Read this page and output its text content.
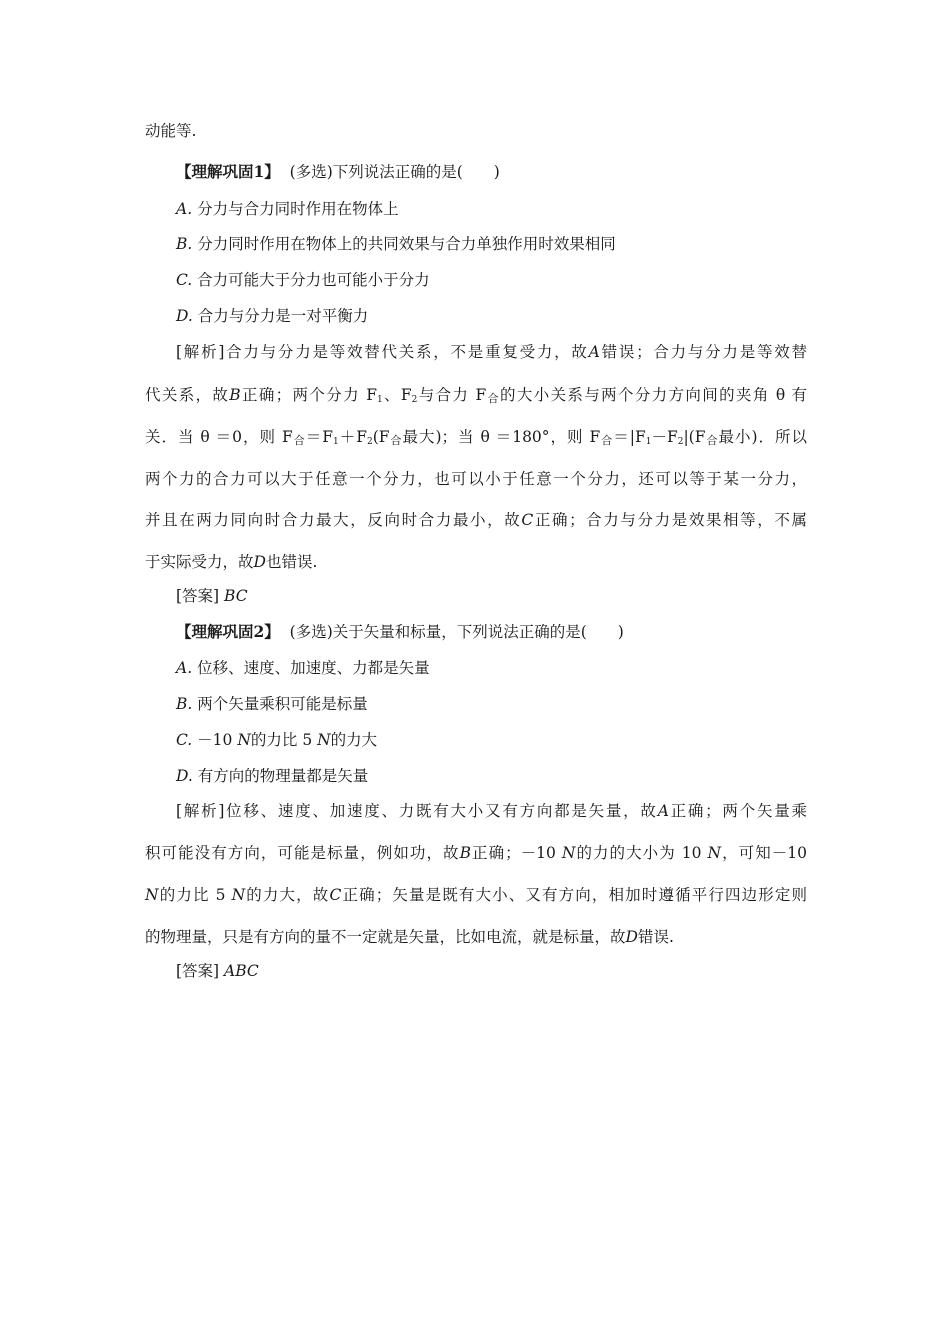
动能等.
【理解巩固1】 (多选)下列说法正确的是(　　)
A. 分力与合力同时作用在物体上
B. 分力同时作用在物体上的共同效果与合力单独作用时效果相同
C. 合力可能大于分力也可能小于分力
D. 合力与分力是一对平衡力
[解析]合力与分力是等效替代关系，不是重复受力，故A错误；合力与分力是等效替
代关系，故B正确；两个分力 $F_1$、$F_2$与合力 $F_合$的大小关系与两个分力方向间的夹角 θ 有
关．当 θ ＝0，则 $F_合=F_1+F_2(F_合$最大)；当 θ ＝180°，则 $F_合=|F_1-F_2|(F_合$最小)．所以
两个力的合力可以大于任意一个分力，也可以小于任意一个分力，还可以等于某一分力，
并且在两力同向时合力最大，反向时合力最小，故C正确；合力与分力是效果相等，不属
于实际受力，故D也错误.
[答案] BC
【理解巩固2】 (多选)关于矢量和标量，下列说法正确的是(　　)
A. 位移、速度、加速度、力都是矢量
B. 两个矢量乘积可能是标量
C. －10 N的力比 5 N的力大
D. 有方向的物理量都是矢量
[解析]位移、速度、加速度、力既有大小又有方向都是矢量，故A正确；两个矢量乘
积可能没有方向，可能是标量，例如功，故B正确；－10 N的力的大小为 10 N，可知－10
N的力比 5 N的力大，故C正确；矢量是既有大小、又有方向，相加时遵循平行四边形定则
的物理量，只是有方向的量不一定就是矢量，比如电流，就是标量，故D错误.
[答案] ABC
